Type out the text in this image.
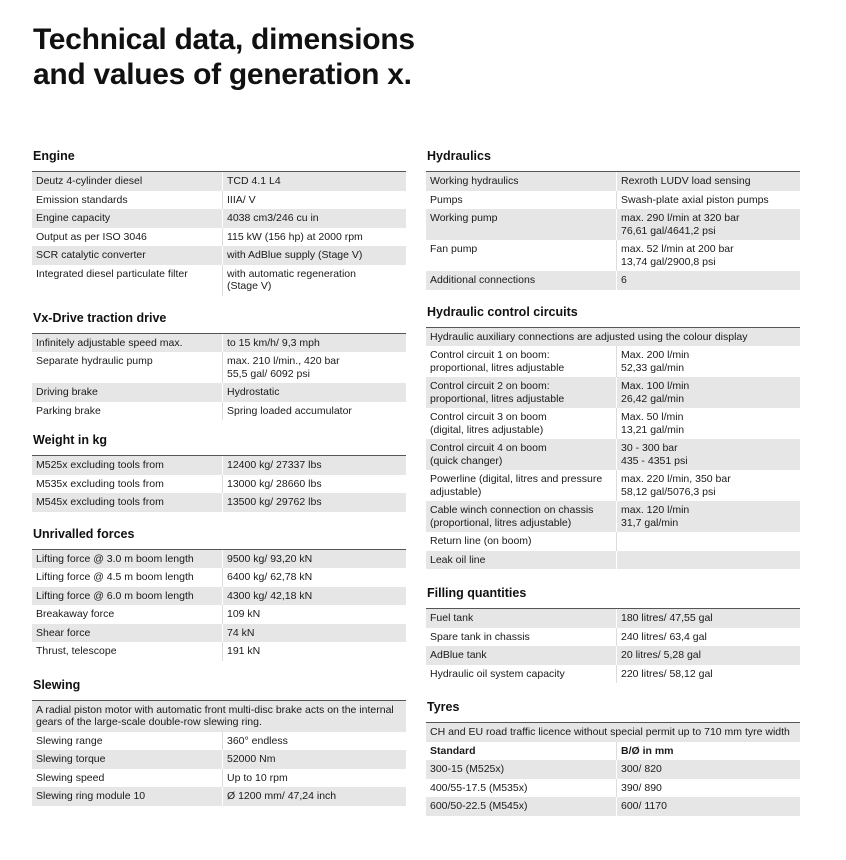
Technical data, dimensions
and values of generation x.
Engine
Deutz 4-cylinder diesel	TCD 4.1 L4
Emission standards	IIIA/ V
Engine capacity	4038 cm3/246 cu in
Output as per ISO 3046	115 kW (156 hp) at 2000 rpm
SCR catalytic converter	with AdBlue supply (Stage V)
Integrated diesel particulate filter	with automatic regeneration
(Stage V)
Vx-Drive traction drive
Infinitely adjustable speed max.	to 15 km/h/ 9,3 mph
Separate hydraulic pump	max. 210 l/min., 420 bar
55,5 gal/ 6092 psi
Driving brake	Hydrostatic
Parking brake	Spring loaded accumulator
Weight in kg
M525x excluding tools from	12400 kg/ 27337 lbs
M535x excluding tools from	13000 kg/ 28660 lbs
M545x excluding tools from	13500 kg/ 29762 lbs
Unrivalled forces
Lifting force @ 3.0 m boom length	9500 kg/ 93,20 kN
Lifting force @ 4.5 m boom length	6400 kg/ 62,78 kN
Lifting force @ 6.0 m boom length	4300 kg/ 42,18 kN
Breakaway force	109 kN
Shear force	74 kN
Thrust, telescope	191 kN
Slewing
A radial piston motor with automatic front multi-disc brake acts on the internal gears of the large-scale double-row slewing ring.
Slewing range	360° endless
Slewing torque	52000 Nm
Slewing speed	Up to 10 rpm
Slewing ring module 10	Ø 1200 mm/ 47,24 inch
Hydraulics
Working hydraulics	Rexroth LUDV load sensing
Pumps	Swash-plate axial piston pumps
Working pump	max. 290 l/min at 320 bar
76,61 gal/4641,2 psi
Fan pump	max. 52 l/min at 200 bar
13,74 gal/2900,8 psi
Additional connections	6
Hydraulic control circuits
Hydraulic auxiliary connections are adjusted using the colour display
Control circuit 1 on boom:
proportional, litres adjustable	Max. 200 l/min
52,33 gal/min
Control circuit 2 on boom:
proportional, litres adjustable	Max. 100 l/min
26,42 gal/min
Control circuit 3 on boom
(digital, litres adjustable)	Max. 50 l/min
13,21 gal/min
Control circuit 4 on boom
(quick changer)	30 - 300 bar
435 - 4351 psi
Powerline (digital, litres and pressure
adjustable)	max. 220 l/min, 350 bar
58,12 gal/5076,3 psi
Cable winch connection on chassis
(proportional, litres adjustable)	max. 120 l/min
31,7 gal/min
Return line (on boom)	
Leak oil line	
Filling quantities
Fuel tank	180 litres/ 47,55 gal
Spare tank in chassis	240 litres/ 63,4 gal
AdBlue tank	20 litres/ 5,28 gal
Hydraulic oil system capacity	220 litres/ 58,12 gal
Tyres
CH and EU road traffic licence without special permit up to 710 mm tyre width
Standard	B/Ø in mm
300-15 (M525x)	300/ 820
400/55-17.5 (M535x)	390/ 890
600/50-22.5 (M545x)	600/ 1170
